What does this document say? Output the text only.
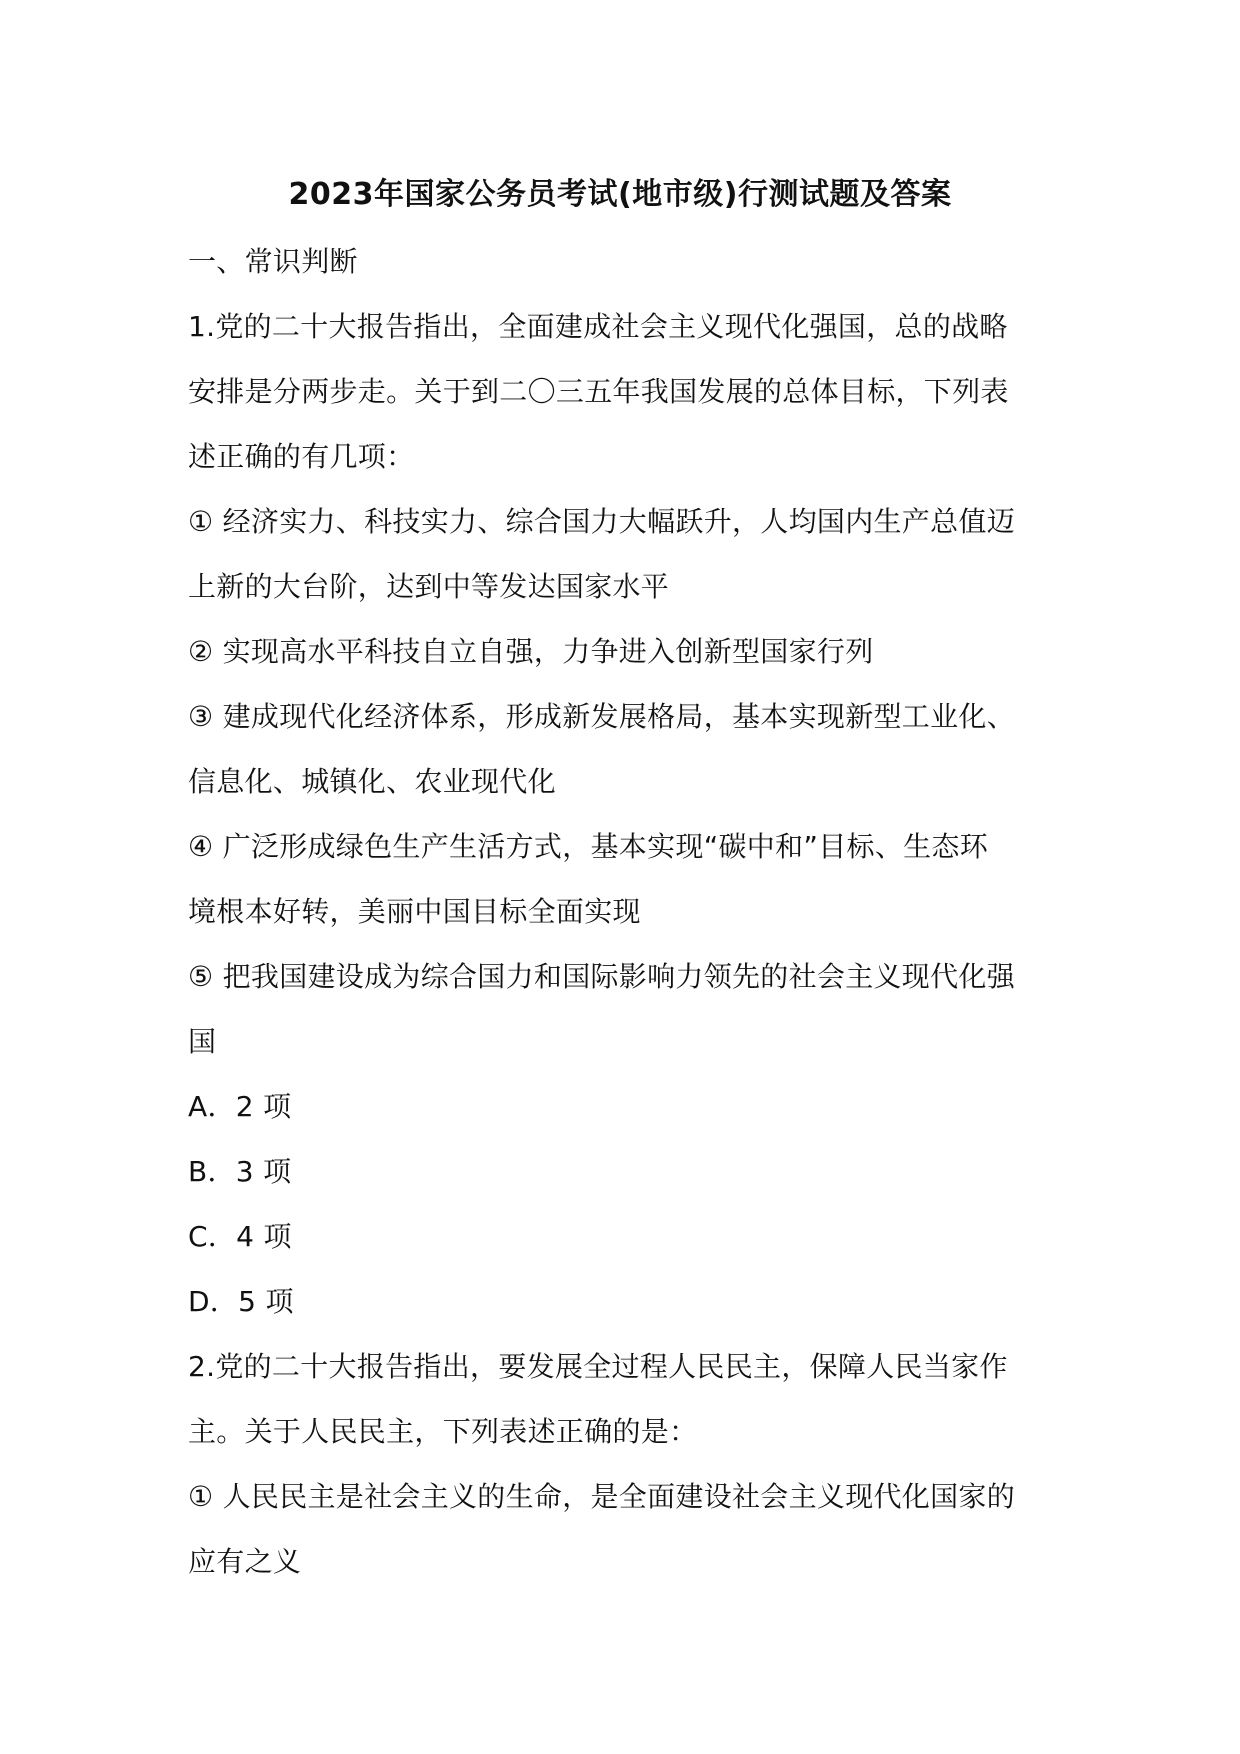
2023年国家公务员考试(地市级)行测试题及答案
一、常识判断
1.党的二十大报告指出，全面建成社会主义现代化强国，总的战略
安排是分两步走。关于到二〇三五年我国发展的总体目标，下列表
述正确的有几项：
① 经济实力、科技实力、综合国力大幅跃升，人均国内生产总值迈
上新的大台阶，达到中等发达国家水平
② 实现高水平科技自立自强，力争进入创新型国家行列
③ 建成现代化经济体系，形成新发展格局，基本实现新型工业化、
信息化、城镇化、农业现代化
④ 广泛形成绿色生产生活方式，基本实现“碳中和”目标、生态环
境根本好转，美丽中国目标全面实现
⑤ 把我国建设成为综合国力和国际影响力领先的社会主义现代化强
国
A．2 项
B．3 项
C．4 项
D．5 项
2.党的二十大报告指出，要发展全过程人民民主，保障人民当家作
主。关于人民民主，下列表述正确的是：
① 人民民主是社会主义的生命，是全面建设社会主义现代化国家的
应有之义
